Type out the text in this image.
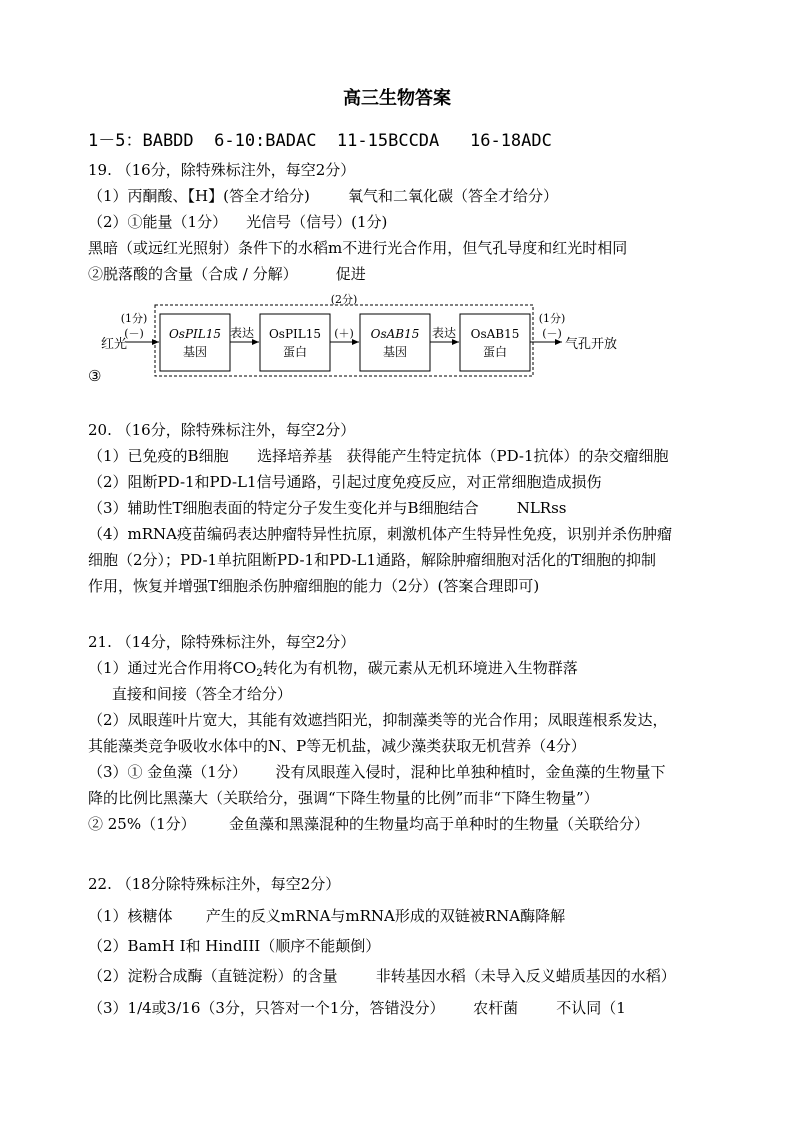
高三生物答案
1－5：BABDD  6-10:BADAC  11-15BCCDA   16-18ADC
19. （16分，除特殊标注外，每空2分）
（1）丙酮酸、【H】(答全才给分)        氧气和二氧化碳（答全才给分）
（2）①能量（1分）    光信号（信号）(1分)
黑暗（或远红光照射）条件下的水稻m不进行光合作用，但气孔导度和红光时相同
②脱落酸的含量（合成 / 分解）        促进
(2分)
(1分)
(－)
红光
OsPIL15
基因
表达 OsPIL15
蛋白
(＋) OsAB15
基因
表达 OsAB15
蛋白
(1分)
(－)
气孔开放
③
20. （16分，除特殊标注外，每空2分）
（1）已免疫的B细胞      选择培养基   获得能产生特定抗体（PD-1抗体）的杂交瘤细胞
（2）阻断PD-1和PD-L1信号通路，引起过度免疫反应，对正常细胞造成损伤
（3）辅助性T细胞表面的特定分子发生变化并与B细胞结合        NLRss
（4）mRNA疫苗编码表达肿瘤特异性抗原，刺激机体产生特异性免疫，识别并杀伤肿瘤
细胞（2分）；PD-1单抗阻断PD-1和PD-L1通路，解除肿瘤细胞对活化的T细胞的抑制
作用，恢复并增强T细胞杀伤肿瘤细胞的能力（2分）(答案合理即可)
21. （14分，除特殊标注外，每空2分）
（1）通过光合作用将$CO_2$转化为有机物，碳元素从无机环境进入生物群落
直接和间接（答全才给分）
（2）凤眼莲叶片宽大，其能有效遮挡阳光，抑制藻类等的光合作用；凤眼莲根系发达，
其能藻类竞争吸收水体中的N、P等无机盐，减少藻类获取无机营养（4分）
（3）① 金鱼藻（1分）      没有凤眼莲入侵时，混种比单独种植时，金鱼藻的生物量下
降的比例比黑藻大（关联给分，强调“下降生物量的比例”而非“下降生物量”）
② 25%（1分）       金鱼藻和黑藻混种的生物量均高于单种时的生物量（关联给分）
22. （18分除特殊标注外，每空2分）
（1）核糖体       产生的反义mRNA与mRNA形成的双链被RNA酶降解
（2）BamH I和 HindIII（顺序不能颠倒）
（2）淀粉合成酶（直链淀粉）的含量        非转基因水稻（未导入反义蜡质基因的水稻）
（3）1/4或3/16（3分，只答对一个1分，答错没分）      农杆菌        不认同（1
